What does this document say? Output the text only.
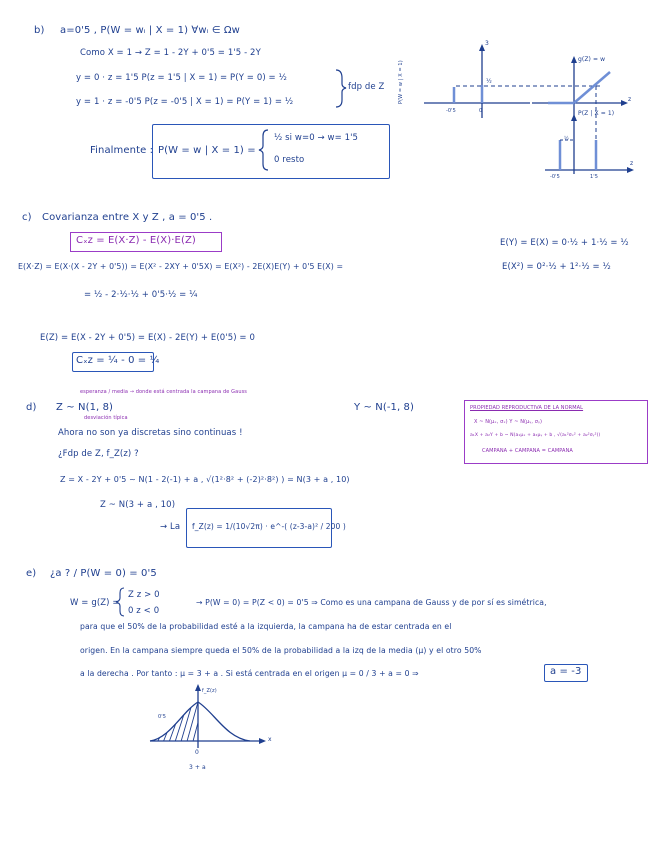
b) a=0'5 , P(W = wᵢ | X = 1) ∀wᵢ ∈ Ωw
Como X = 1 → Z = 1 - 2Y + 0'5 = 1'5 - 2Y
y = 0 · z = 1'5 P(z = 1'5 | X = 1) = P(Y = 0) = ½
y = 1 · z = -0'5 P(z = -0'5 | X = 1) = P(Y = 1) = ½
fdp de Z
Finalmente : P(W = w | X = 1) =
½ si w=0 → w= 1'5
0 resto
P(W = w | X = 1)
3
½
-0'5	0
g(Z) = w
z
P(Z | X = 1)
½
-0'5	1'5
z
c) Covarianza entre X y Z , a = 0'5 .
Cₓz = E(X·Z) - E(X)·E(Z)	E(Y) = E(X) = 0·½ + 1·½ = ½
E(X·Z) = E(X·(X - 2Y + 0'5)) = E(X² - 2XY + 0'5X) = E(X²) - 2E(X)E(Y) + 0'5 E(X) =	E(X²) = 0²·½ + 1²·½ = ½
= ½ - 2·½·½ + 0'5·½ = ¼
E(Z) = E(X - 2Y + 0'5) = E(X) - 2E(Y) + E(0'5) = 0
Cₓz = ¼ - 0 = ¼
esperanza / media → donde está centrada la campana de Gauss
d) Z ~ N(1, 8)
desviación típica
Y ~ N(-1, 8)
Ahora no son ya discretas sino continuas !
¿Fdp de Z, f_Z(z) ?
Z = X - 2Y + 0'5 ~ N(1 - 2(-1) + a , √(1²·8² + (-2)²·8²) ) = N(3 + a , 10)
Z ~ N(3 + a , 10)
→ La f_Z(z) = 1/(10√2π) · e^-( (z-3-a)² / 200 )
PROPIEDAD REPRODUCTIVA DE LA NORMAL
X ~ N(μₓ, σₓ) Y ~ N(μᵧ, σᵧ)
a₁X + a₂Y + b ~ N(a₁μₓ + a₂μᵧ + b , √(a₁²σₓ² + a₂²σᵧ²))
CAMPANA + CAMPANA = CAMPANA
e) ¿a ? / P(W = 0) = 0'5
W = g(Z) =
Z z > 0
0 z < 0
→ P(W = 0) = P(Z < 0) = 0'5 ⇒ Como es una campana de Gauss y de por sí es simétrica,
para que el 50% de la probabilidad esté a la izquierda, la campana ha de estar centrada en el
origen. En la campana siempre queda el 50% de la probabilidad a la izq de la media (μ) y el otro 50%
a la derecha . Por tanto : μ = 3 + a . Si está centrada en el origen μ = 0 / 3 + a = 0 ⇒	a = -3
f_Z(z)
0'5
0
3 + a
x
